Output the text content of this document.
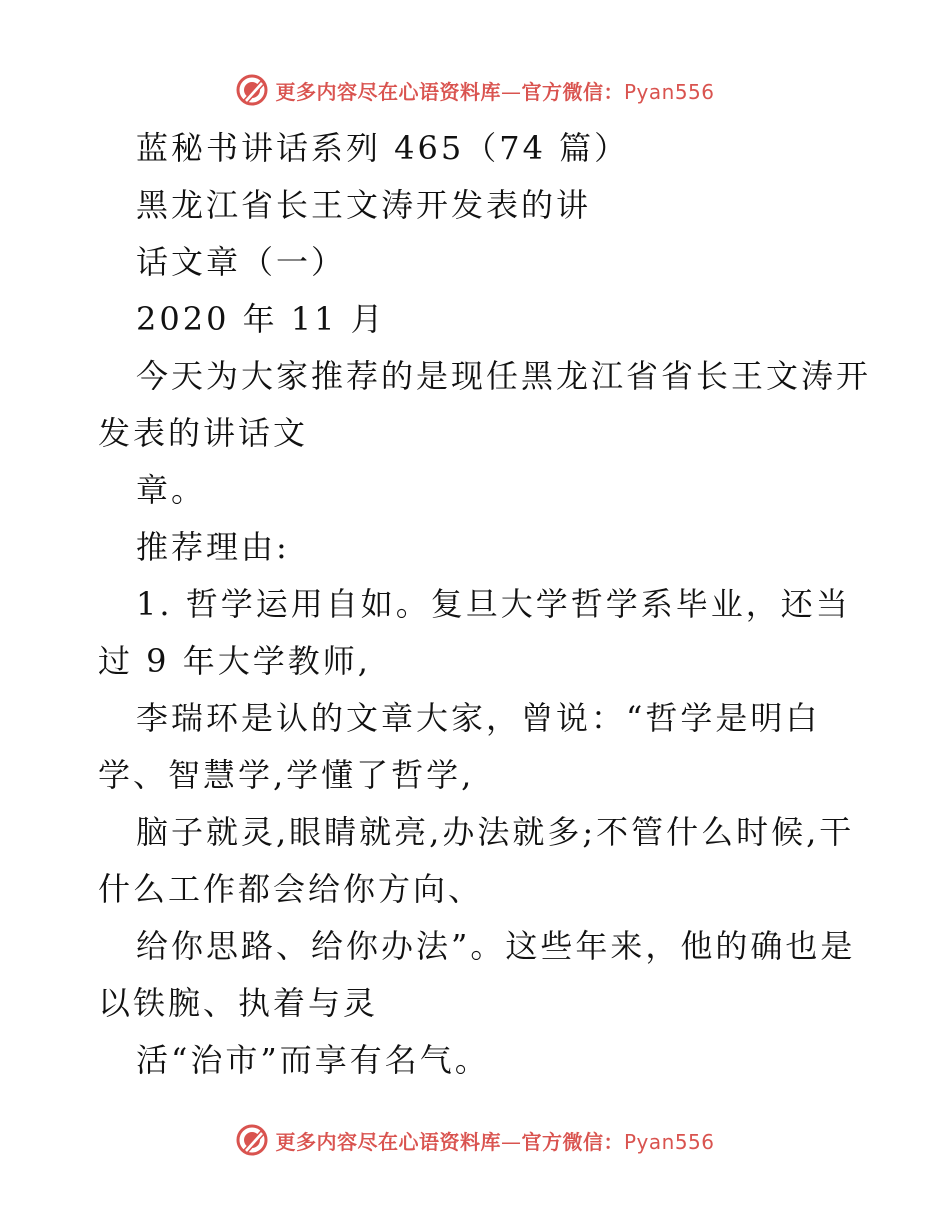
更多内容尽在心语资料库—官方微信：Pyan556
蓝秘书讲话系列 465（74 篇）
黑龙江省长王文涛开发表的讲
话文章（一）
2020 年 11 月
今天为大家推荐的是现任黑龙江省省长王文涛开
发表的讲话文
章。
推荐理由:
1. 哲学运用自如。复旦大学哲学系毕业，还当
过 9 年大学教师,
李瑞环是认的文章大家，曾说：“哲学是明白
学、智慧学,学懂了哲学,
脑子就灵,眼睛就亮,办法就多;不管什么时候,干
什么工作都会给你方向、
给你思路、给你办法”。这些年来，他的确也是
以铁腕、执着与灵
活“治市”而享有名气。
更多内容尽在心语资料库—官方微信：Pyan556
